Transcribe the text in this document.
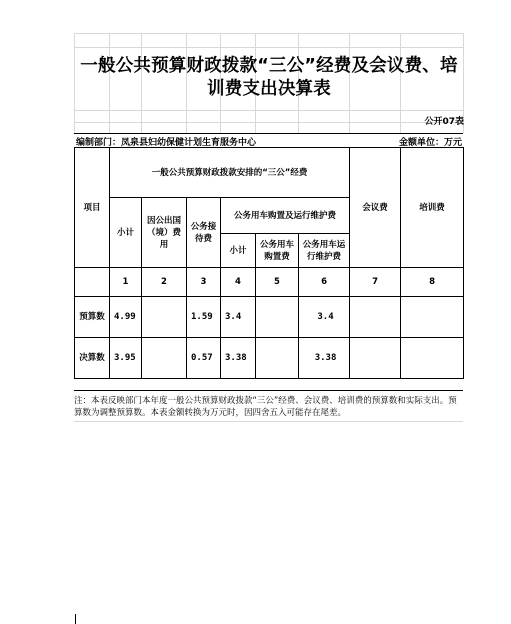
一般公共预算财政拨款“三公”经费及会议费、培训费支出决算表
公开07表
编制部门：凤泉县妇幼保健计划生育服务中心	金额单位：万元
项目	一般公共预算财政拨款安排的“三公”经费						会议费	培训费
	小计	因公出国（境）费用	公务接待费	公务用车购置及运行维护费				
				小计	公务用车购置费	公务用车运行维护费		
	1	2	3	4	5	6	7	8
预算数	4.99		1.59	3.4		3.4		
决算数	3.95		0.57	3.38		3.38		
注：本表反映部门本年度一般公共预算财政拨款“三公”经费、会议费、培训费的预算数和实际支出。预算数为调整预算数。本表金额转换为万元时，因四舍五入可能存在尾差。
